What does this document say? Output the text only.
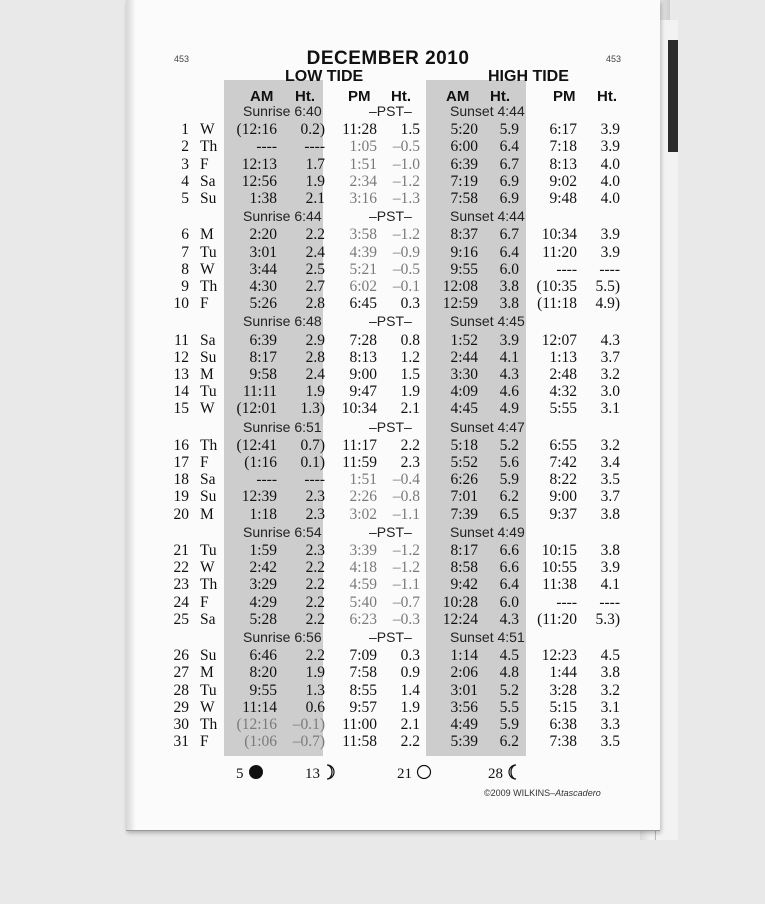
453	453
DECEMBER 2010
LOW TIDE	HIGH TIDE
AM Ht. PM Ht. AM Ht.	PM Ht.
Sunrise 6:40	–PST–	Sunset 4:44
1 W (12:16 0.2) 11:28 1.5 5:20 5.9 6:17 3.9
2 Th	---- ---- 1:05 –0.5 6:00 6.4 7:18 3.9
3 F 12:13 1.7 1:51 –1.0 6:39 6.7 8:13 4.0
4 Sa 12:56 1.9 2:34 –1.2 7:19 6.9 9:02 4.0
5 Su 1:38 2.1 3:16 –1.3 7:58 6.9 9:48 4.0
Sunrise 6:44	–PST–	Sunset 4:44
6 M 2:20 2.2 3:58 –1.2 8:37 6.7 10:34 3.9
7 Tu 3:01 2.4 4:39 –0.9 9:16 6.4 11:20 3.9
8 W 3:44 2.5 5:21 –0.5 9:55 6.0 ---- ----
9 Th 4:30 2.7 6:02 –0.1 12:08 3.8 (10:35 5.5)
10 F	5:26 2.8 6:45 0.3 12:59 3.8 (11:18 4.9)
Sunrise 6:48	–PST–	Sunset 4:45
11 Sa 6:39 2.9 7:28 0.8 1:52 3.9 12:07 4.3
12 Su 8:17 2.8 8:13 1.2 2:44 4.1 1:13 3.7
13 M 9:58 2.4 9:00 1.5 3:30 4.3 2:48 3.2
14 Tu 11:11 1.9 9:47 1.9 4:09 4.6 4:32 3.0
15 W (12:01 1.3) 10:34 2.1 4:45 4.9 5:55 3.1
Sunrise 6:51	–PST–	Sunset 4:47
16 Th (12:41 0.7) 11:17 2.2 5:18 5.2 6:55 3.2
17 F (1:16 0.1) 11:59 2.3 5:52 5.6 7:42 3.4
18 Sa	---- ---- 1:51 –0.4 6:26 5.9 8:22 3.5
19 Su 12:39 2.3 2:26 –0.8 7:01 6.2 9:00 3.7
20 M 1:18 2.3 3:02 –1.1 7:39 6.5 9:37 3.8
Sunrise 6:54	–PST–	Sunset 4:49
21 Tu 1:59 2.3 3:39 –1.2 8:17 6.6 10:15 3.8
22 W 2:42 2.2 4:18 –1.2 8:58 6.6 10:55 3.9
23 Th 3:29 2.2 4:59 –1.1 9:42 6.4 11:38 4.1
24 F	4:29 2.2 5:40 –0.7 10:28 6.0 ---- ----
25 Sa 5:28 2.2 6:23 –0.3 12:24 4.3 (11:20 5.3)
Sunrise 6:56	–PST–	Sunset 4:51
26 Su 6:46 2.2 7:09 0.3 1:14 4.5 12:23 4.5
27 M 8:20 1.9 7:58 0.9 2:06 4.8 1:44 3.8
28 Tu 9:55 1.3 8:55 1.4 3:01 5.2 3:28 3.2
29 W 11:14 0.6 9:57 1.9 3:56 5.5 5:15 3.1
30 Th (12:16 –0.1) 11:00 2.1 4:49 5.9 6:38 3.3
31 F (1:06 –0.7) 11:58 2.2 5:39 6.2 7:38 3.5
5	13	21	28
©2009 WILKINS–Atascadero
